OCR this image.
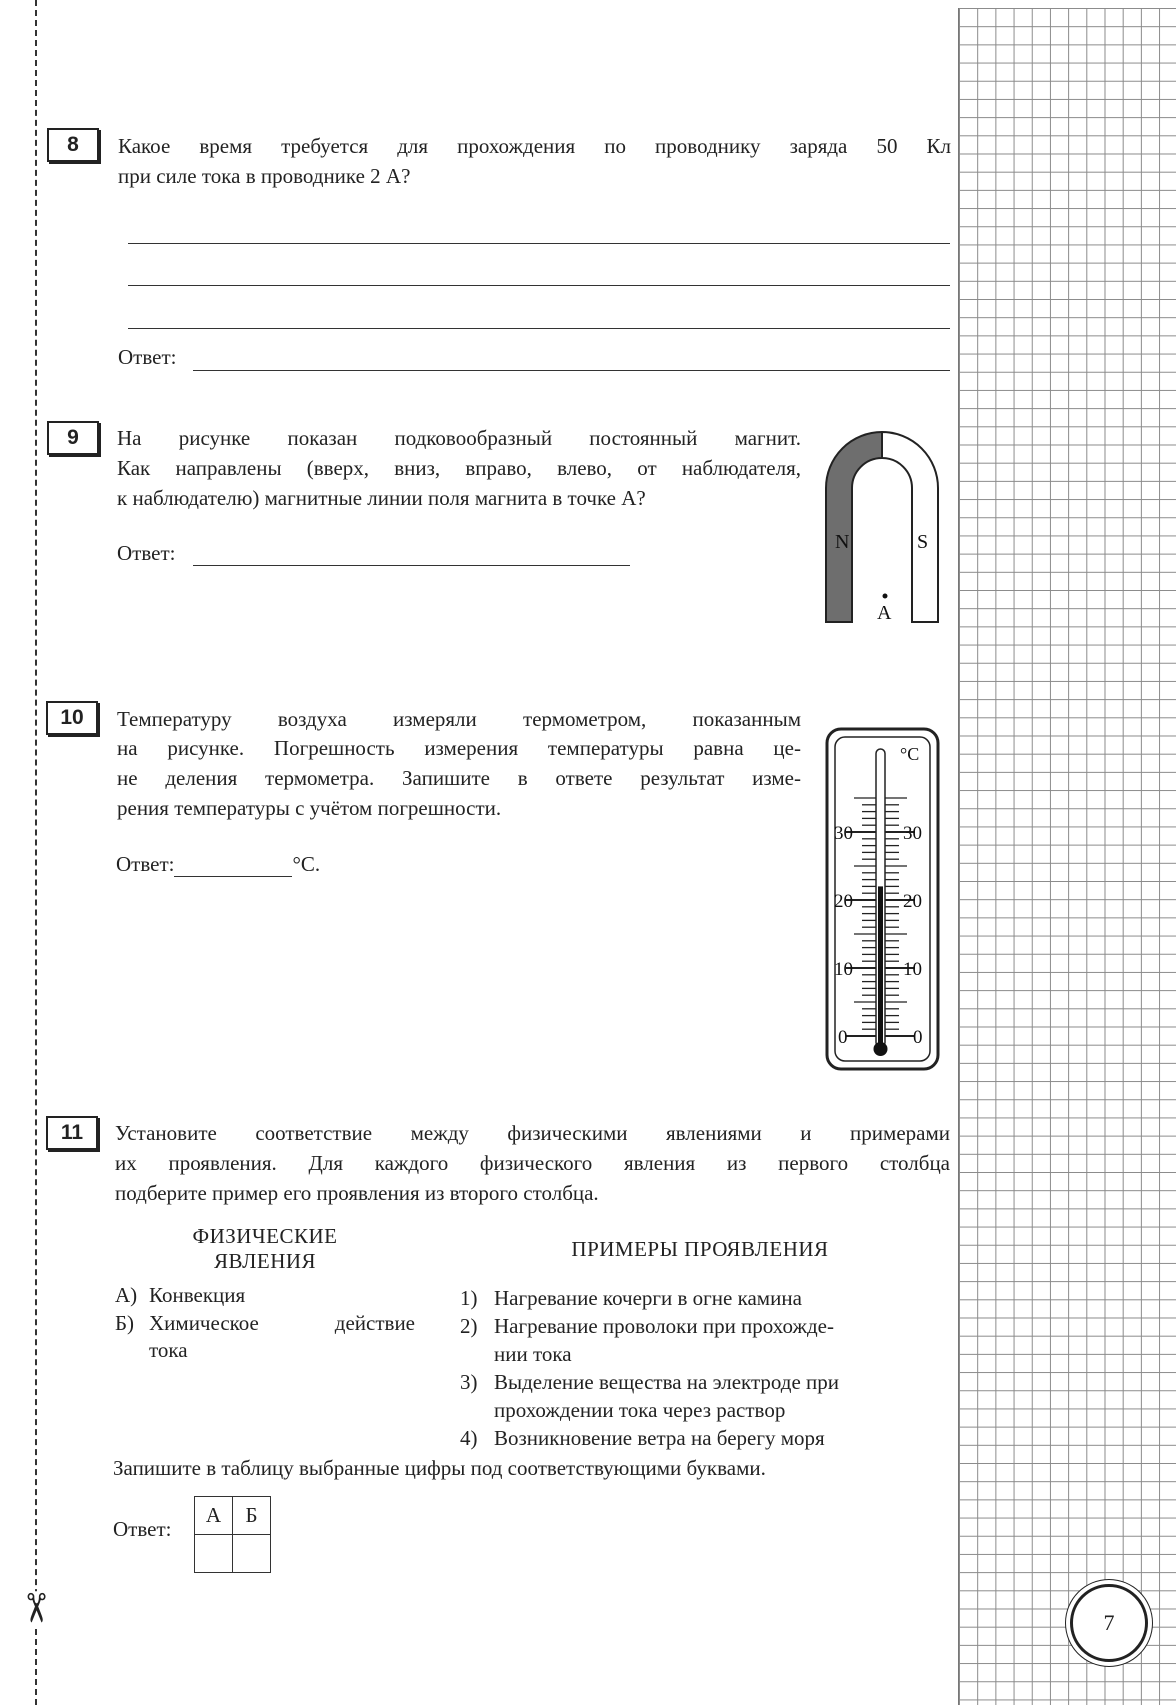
✂	7
8	Какое время требуется для прохождения по проводнику заряда 50 Кл
при силе тока в проводнике 2 А?
Ответ:
9	На рисунке показан подковообразный постоянный магнит.
Как направлены (вверх, вниз, вправо, влево, от наблюдателя,
к наблюдателю) магнитные линии поля магнита в точке А?
Ответ:	N	S
А
10	Температуру воздуха измеряли термометром, показанным
на рисунке. Погрешность измерения температуры равна це-
не деления термометра. Запишите в ответе результат изме-
рения температуры с учётом погрешности.
Ответ:	°С.
°С
30	30
20	20
10	10
0	0
11	Установите соответствие между физическими явлениями и примерами
их проявления. Для каждого физического явления из первого столбца
подберите пример его проявления из второго столбца.
ФИЗИЧЕСКИЕ
ЯВЛЕНИЯ	ПРИМЕРЫ ПРОЯВЛЕНИЯ
А) Конвекция
Б) Химическое	действие
тока
1) Нагревание кочерги в огне камина
2) Нагревание проволоки при прохожде-
нии тока
3) Выделение вещества на электроде при
прохождении тока через раствор
4) Возникновение ветра на берегу моря
Запишите в таблицу выбранные цифры под соответствующими буквами.
Ответ:
А	Б
